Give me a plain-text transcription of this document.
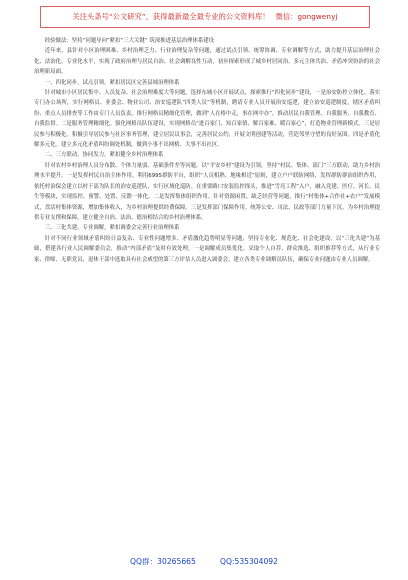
关注头条号“公文研究”，获得最新最全最专业的公文资料库！ 微信：gongwenyj

经验做法：坚持“问题导向”紧扣“三大关键” 筑深推进基层治理体系建设

近年来，县针对小区治理困难、乡村治理乏力、行业治理复杂等问题，通过试点引领、统筹协调、专业调解等方式，助力提升基层治理社会化、法治化、专业化水平，实现了政府治理与居民自治、社会调解良性互动，初步探索形成了城乡村居同治、多元主体共治、矛盾冲突协治的社会治理新局面。

一、四化同步，试点引领，紧扣居民区完善县域治理体系

针对城市小区居民集中、人员复杂、社会治理难度大等问题，选择东城小区开展试点，探索推行“四化同步”建设，一是治安防控立体化。落实专门办公场所，实行网格员、业委会、物业公司、治安巡逻队“四类人员”等机制，聘请专业人员开展治安巡逻，建立治安巡逻制度，辖区矛盾纠纷、重点人员排查等工作由专门人员负责，推行网格员精细化管理，做到“人在格中走，事在网中办”，推动居民自我管理、自我服务、自我教育、自我监督。二是服务管理精细化。强化网格员队伍建设，实现网格员“进百家门、知百家情、解百家难、暖百家心”，打造物业管理新模式。三是居民参与积极化。积极引导居民参与社区事务管理，建立居民议事会，完善居民公约，开展文明创建等活动，营造邻里守望的良好氛围。四是矛盾化解多元化。建立多元化矛盾纠纷调处机制，做到小事不出网格、大事不出社区。

二、三方联动，协同发力，紧扣健全乡村治理体系

针对农村乡村治理人员分布散、个体力量弱、基础条件差等问题，以“平安乡村”建设为引领，坚持“村民、集体、部门”三方联动，助力乡村治理水平提升。一是发挥村民自治主体作用。利用6995群防平台，组织“人员相熟、地缘相近”原则，建立户户联防网络，发挥群防群治组织作用，依托村治保会建立以村干部为队长的治安巡逻队，实行区域化巡防。在重要路口安装监控探头，推进“雪亮工程”入户，融入党建、医疗、河长、民生等模块，实现监控、预警、处置、反馈一体化。二是发挥集体组织作用。针对资源闲置、缺乏经营等问题，推行“村集体+合作社+农户”发展模式，盘活村集体资源，增加集体收入，为乡村治理提供经费保障。三是发挥部门保障作用。统筹公安、司法、民政等部门力量下沉，为乡村治理提供专业支撑和保障，建立健全自治、法治、德治相结合的乡村治理体系。

三、三化共建，专业调解，紧扣调委会完善行业治理体系

针对不同行业领域矛盾纠纷日益复杂、专业性问题增多、矛盾激化趋势明显等问题，坚持专业化、规范化、社会化建设，以“三化共建”为基础，搭建各行业人民调解委员会，推动“内部矛盾”及时有效处理。一是调解成员集优化。采取个人自荐、群众推选、组织推荐等方式，从行业专家、律师、无职党员、退休干部中选取具有社会威望的第三方评估人员进入调委会，建立各类专业调解员队伍，确保专业问题由专业人员调解。

QQ群：30265665
	QQ:535304092
